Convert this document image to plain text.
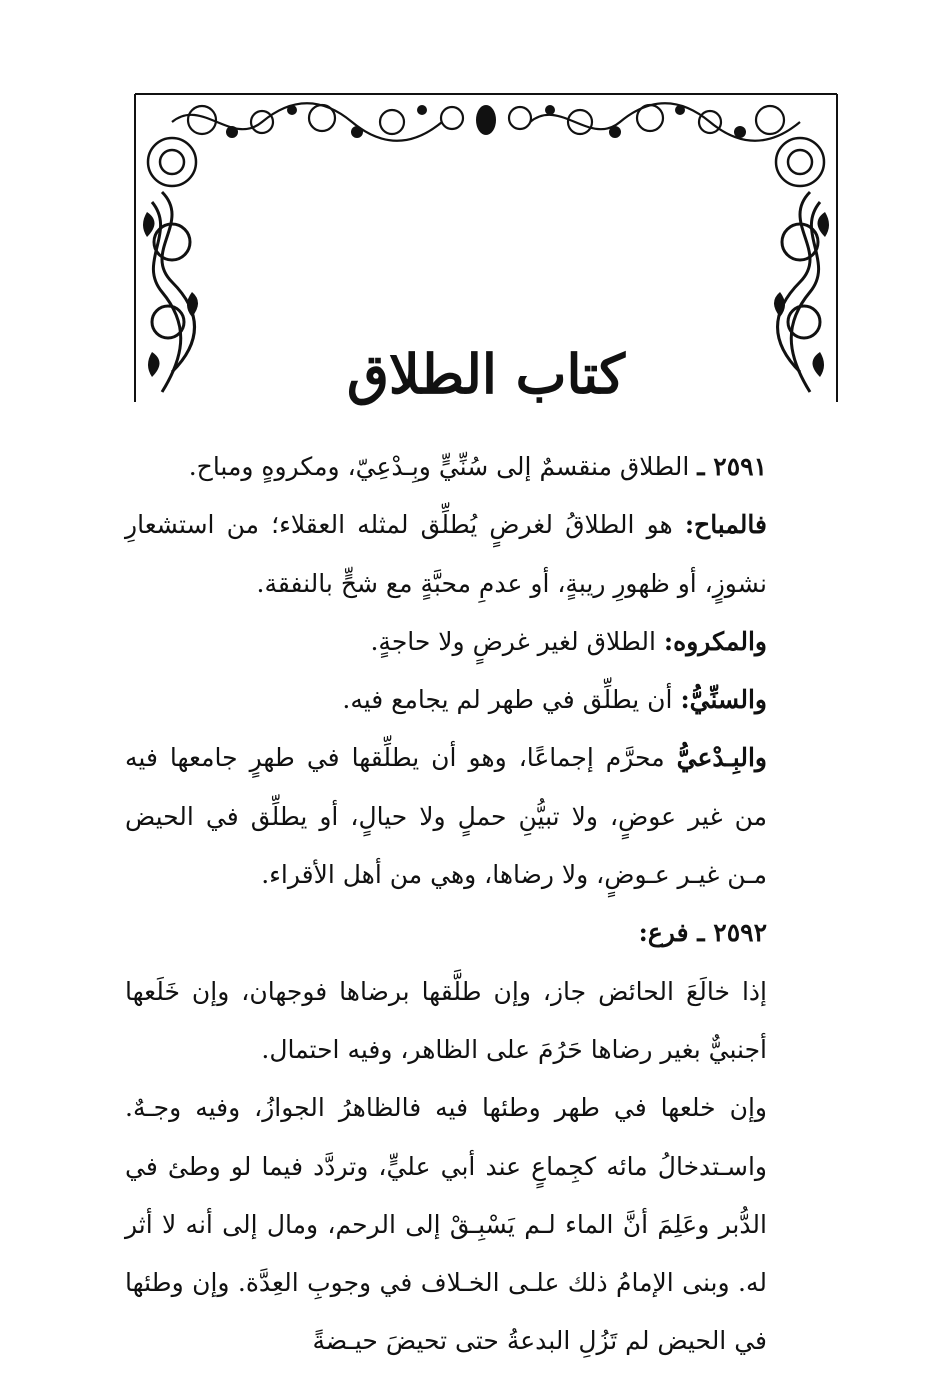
كتاب الطلاق

٢٥٩١ ـ الطلاق منقسمٌ إلى سُنِّيٍّ وبِـدْعِيّ، ومكروهٍ ومباح.

فالمباح: هو الطلاقُ لغرضٍ يُطلِّق لمثله العقلاء؛ من استشعارِ نشوزٍ، أو ظهورِ ريبةٍ، أو عدمِ محبَّةٍ مع شحٍّ بالنفقة.

والمكروه: الطلاق لغير غرضٍ ولا حاجةٍ.

والسنِّيُّ: أن يطلِّق في طهر لم يجامع فيه.

والبِـدْعيُّ محرَّم إجماعًا، وهو أن يطلِّقها في طهرٍ جامعها فيه من غير عوضٍ، ولا تبيُّنِ حملٍ ولا حيالٍ، أو يطلِّق في الحيض مـن غيـر عـوضٍ، ولا رضاها، وهي من أهل الأقراء.

٢٥٩٢ ـ فرع:

إذا خالَعَ الحائض جاز، وإن طلَّقها برضاها فوجهان، وإن خَلَعها أجنبيٌّ بغير رضاها حَرُمَ على الظاهر، وفيه احتمال.

وإن خلعها في طهر وطئها فيه فالظاهرُ الجوازُ، وفيه وجـهٌ. واسـتدخالُ مائه كجِماعٍ عند أبي عليٍّ، وتردَّد فيما لو وطئ في الدُّبر وعَلِمَ أنَّ الماء لـم يَسْبِـقْ إلى الرحم، ومال إلى أنه لا أثر له. وبنى الإمامُ ذلك علـى الخـلاف في وجوبِ العِدَّة. وإن وطئها في الحيض لم تَزُلِ البدعةُ حتى تحيضَ حيـضةً
